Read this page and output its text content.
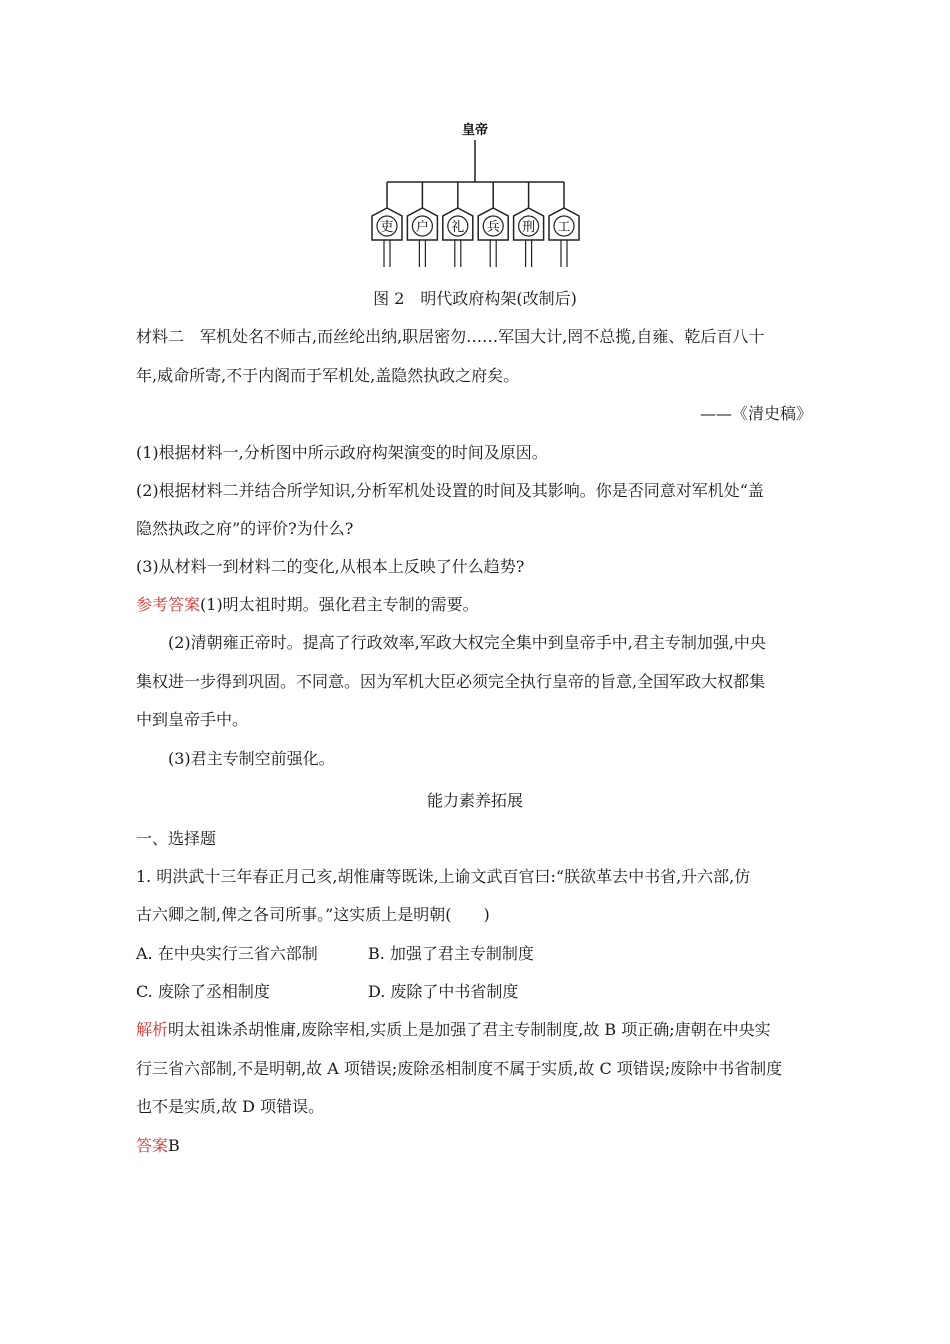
皇帝
吏 户 礼 兵 刑 工
图 2　明代政府构架(改制后)
材料二　军机处名不师古,而丝纶出纳,职居密勿……军国大计,罔不总揽,自雍、乾后百八十
年,威命所寄,不于内阁而于军机处,盖隐然执政之府矣。
——《清史稿》
(1)根据材料一,分析图中所示政府构架演变的时间及原因。
(2)根据材料二并结合所学知识,分析军机处设置的时间及其影响。你是否同意对军机处“盖
隐然执政之府”的评价?为什么?
(3)从材料一到材料二的变化,从根本上反映了什么趋势?
参考答案(1)明太祖时期。强化君主专制的需要。
(2)清朝雍正帝时。提高了行政效率,军政大权完全集中到皇帝手中,君主专制加强,中央
集权进一步得到巩固。不同意。因为军机大臣必须完全执行皇帝的旨意,全国军政大权都集
中到皇帝手中。
(3)君主专制空前强化。
能力素养拓展
一、选择题
1. 明洪武十三年春正月己亥,胡惟庸等既诛,上谕文武百官曰:“朕欲革去中书省,升六部,仿
古六卿之制,俾之各司所事。”这实质上是明朝(　　)
A. 在中央实行三省六部制	B. 加强了君主专制制度
C. 废除了丞相制度	D. 废除了中书省制度
解析明太祖诛杀胡惟庸,废除宰相,实质上是加强了君主专制制度,故 B 项正确;唐朝在中央实
行三省六部制,不是明朝,故 A 项错误;废除丞相制度不属于实质,故 C 项错误;废除中书省制度
也不是实质,故 D 项错误。
答案B
